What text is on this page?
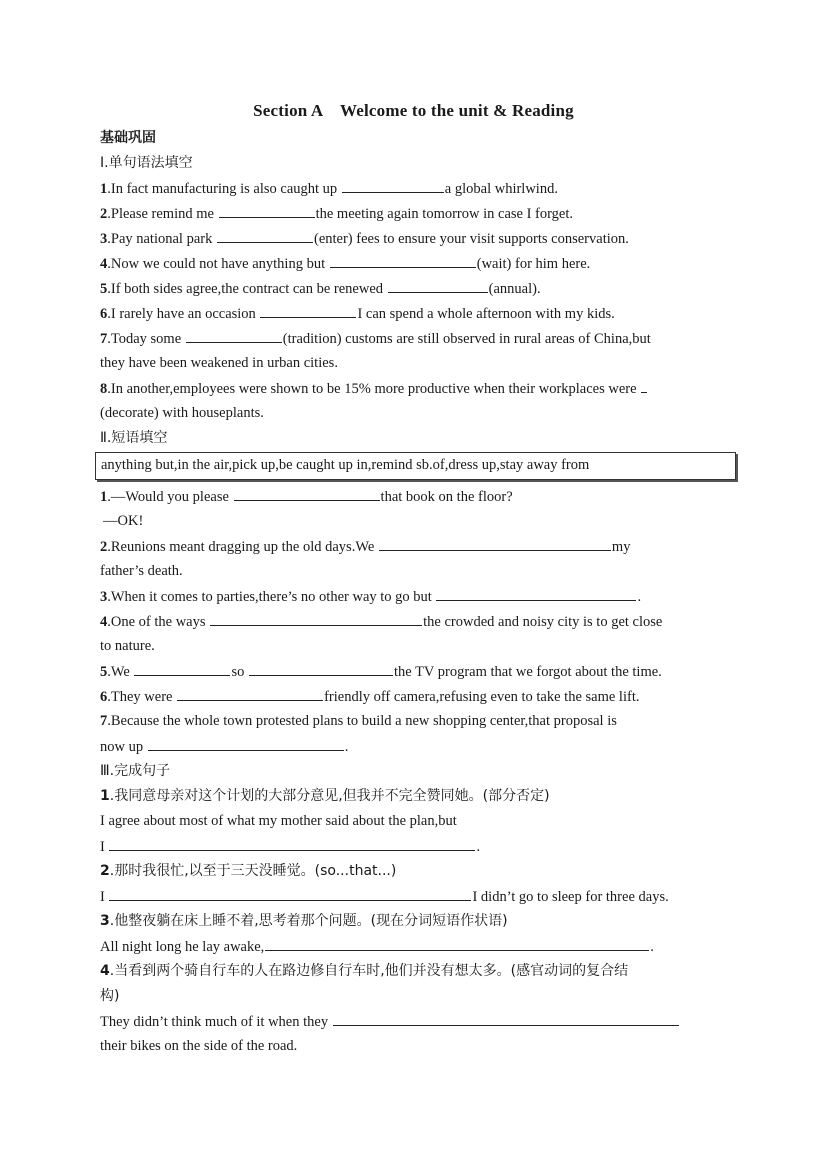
Section A    Welcome to the unit & Reading
基础巩固
Ⅰ.单句语法填空
1.In fact manufacturing is also caught up	a global whirlwind.
2.Please remind me	the meeting again tomorrow in case I forget.
3.Pay national park	(enter) fees to ensure your visit supports conservation.
4.Now we could not have anything but	(wait) for him here.
5.If both sides agree,the contract can be renewed	(annual).
6.I rarely have an occasion	I can spend a whole afternoon with my kids.
7.Today some	(tradition) customs are still observed in rural areas of China,but
they have been weakened in urban cities.
8.In another,employees were shown to be 15% more productive when their workplaces were
(decorate) with houseplants.
Ⅱ.短语填空
anything but,in the air,pick up,be caught up in,remind sb.of,dress up,stay away from
1.—Would you please	that book on the floor?
—OK!
2.Reunions meant dragging up the old days.We	my
father’s death.
3.When it comes to parties,there’s no other way to go but	.
4.One of the ways	the crowded and noisy city is to get close
to nature.
5.We	so	the TV program that we forgot about the time.
6.They were	friendly off camera,refusing even to take the same lift.
7.Because the whole town protested plans to build a new shopping center,that proposal is
now up	.
Ⅲ.完成句子
1.我同意母亲对这个计划的大部分意见,但我并不完全赞同她。(部分否定)
I agree about most of what my mother said about the plan,but
I	.
2.那时我很忙,以至于三天没睡觉。(so...that...)
I	I didn’t go to sleep for three days.
3.他整夜躺在床上睡不着,思考着那个问题。(现在分词短语作状语)
All night long he lay awake,	.
4.当看到两个骑自行车的人在路边修自行车时,他们并没有想太多。(感官动词的复合结
构)
They didn’t think much of it when they
their bikes on the side of the road.
